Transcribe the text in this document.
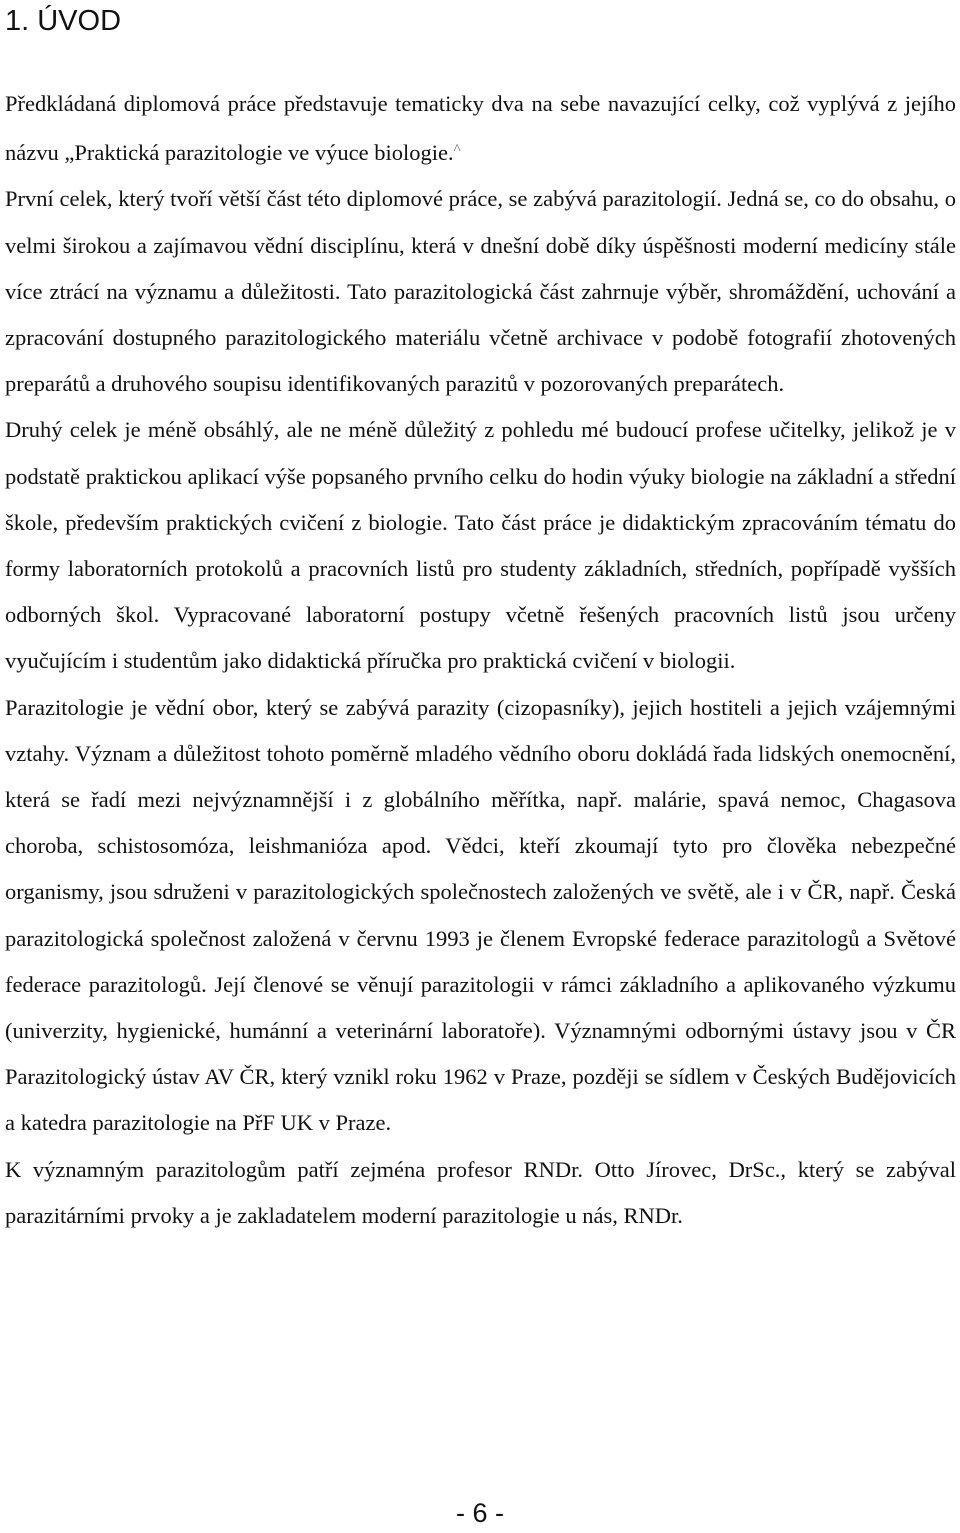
1. ÚVOD

Předkládaná diplomová práce představuje tematicky dva na sebe navazující celky, což vyplývá z jejího názvu „Praktická parazitologie ve výuce biologie.^

První celek, který tvoří větší část této diplomové práce, se zabývá parazitologií. Jedná se, co do obsahu, o velmi širokou a zajímavou vědní disciplínu, která v dnešní době díky úspěšnosti moderní medicíny stále více ztrácí na významu a důležitosti. Tato parazitologická část zahrnuje výběr, shromáždění, uchování a zpracování dostupného parazitologického materiálu včetně archivace v podobě fotografií zhotovených preparátů a druhového soupisu identifikovaných parazitů v pozorovaných preparátech.

Druhý celek je méně obsáhlý, ale ne méně důležitý z pohledu mé budoucí profese učitelky, jelikož je v podstatě praktickou aplikací výše popsaného prvního celku do hodin výuky biologie na základní a střední škole, především praktických cvičení z biologie. Tato část práce je didaktickým zpracováním tématu do formy laboratorních protokolů a pracovních listů pro studenty základních, středních, popřípadě vyšších odborných škol. Vypracované laboratorní postupy včetně řešených pracovních listů jsou určeny vyučujícím i studentům jako didaktická příručka pro praktická cvičení v biologii.

Parazitologie je vědní obor, který se zabývá parazity (cizopasníky), jejich hostiteli a jejich vzájemnými vztahy. Význam a důležitost tohoto poměrně mladého vědního oboru dokládá řada lidských onemocnění, která se řadí mezi nejvýznamnější i z globálního měřítka, např. malárie, spavá nemoc, Chagasova choroba, schistosomóza, leishmanióza apod. Vědci, kteří zkoumají tyto pro člověka nebezpečné organismy, jsou sdruženi v parazitologických společnostech založených ve světě, ale i v ČR, např. Česká parazitologická společnost založená v červnu 1993 je členem Evropské federace parazitologů a Světové federace parazitologů. Její členové se věnují parazitologii v rámci základního a aplikovaného výzkumu (univerzity, hygienické, humánní a veterinární laboratoře). Významnými odbornými ústavy jsou v ČR Parazitologický ústav AV ČR, který vznikl roku 1962 v Praze, později se sídlem v Českých Budějovicích a katedra parazitologie na PřF UK v Praze.

K významným parazitologům patří zejména profesor RNDr. Otto Jírovec, DrSc., který se zabýval parazitárními prvoky a je zakladatelem moderní parazitologie u nás, RNDr.

- 6 -
